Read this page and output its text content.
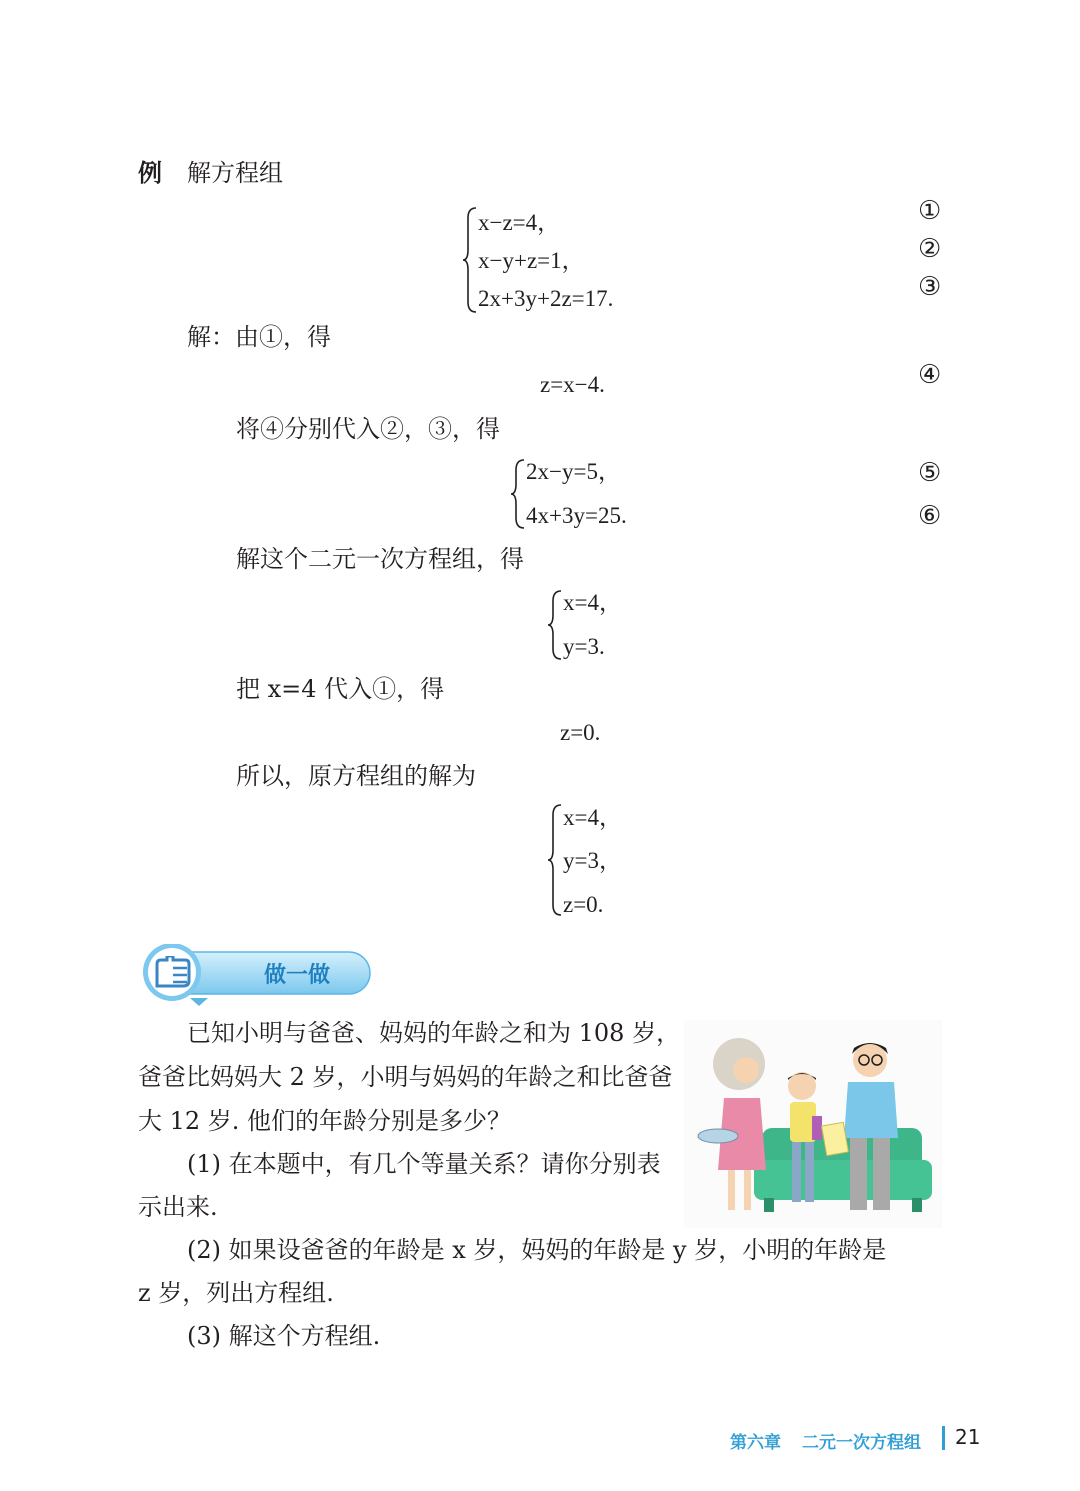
例 解方程组
x−z=4，
x−y+z=1，
2x+3y+2z=17.
①
②
③
解：由①，得
z=x−4.	④
将④分别代入②，③，得
2x−y=5，
4x+3y=25.
⑤
⑥
解这个二元一次方程组，得
x=4，
y=3.
把 x=4 代入①，得
z=0.
所以，原方程组的解为
x=4，
y=3，
z=0.
做一做
已知小明与爸爸、妈妈的年龄之和为 108 岁，
爸爸比妈妈大 2 岁，小明与妈妈的年龄之和比爸爸
大 12 岁. 他们的年龄分别是多少？
(1) 在本题中，有几个等量关系？请你分别表
示出来.
(2) 如果设爸爸的年龄是 x 岁，妈妈的年龄是 y 岁，小明的年龄是
z 岁，列出方程组.
(3) 解这个方程组.
第六章 二元一次方程组 21
